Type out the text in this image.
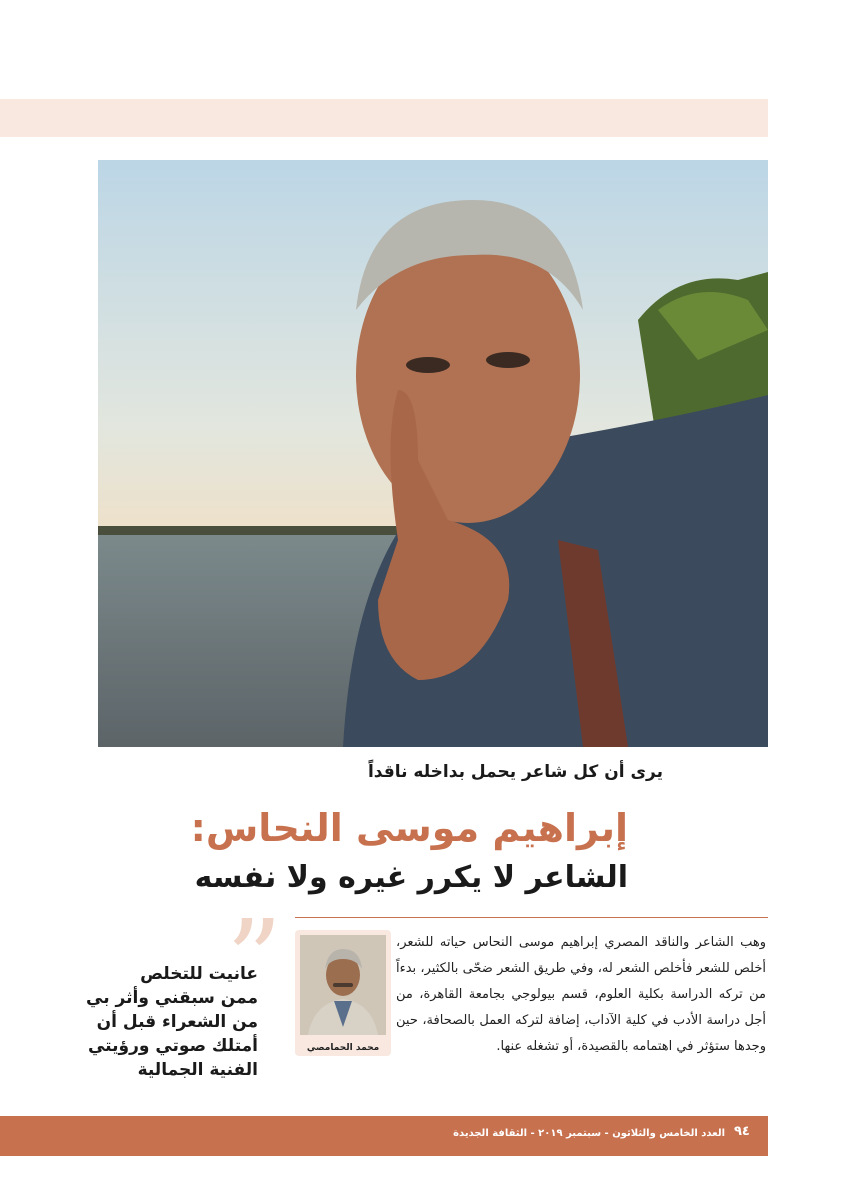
يرى أن كل شاعر يحمل بداخله ناقداً
إبراهيم موسى النحاس:
الشاعر لا يكرر غيره ولا نفسه

وهب الشاعر والناقد المصري إبراهيم موسى النحاس حياته للشعر، أخلص للشعر فأخلص الشعر له، وفي طريق الشعر ضحّى بالكثير، بدءاً من تركه الدراسة بكلية العلوم، قسم بيولوجي بجامعة القاهرة، من أجل دراسة الأدب في كلية الآداب، إضافة لتركه العمل بالصحافة، حين وجدها ستؤثر في اهتمامه بالقصيدة، أو تشغله عنها.

محمد الحمامصي
”
عانيت للتخلص
ممن سبقني وأثر بي
من الشعراء قبل أن
أمتلك صوتي ورؤيتي
الفنية الجمالية
العدد الخامس والثلاثون - سبتمبر ٢٠١٩ - الثقافة الجديدة ٩٤
